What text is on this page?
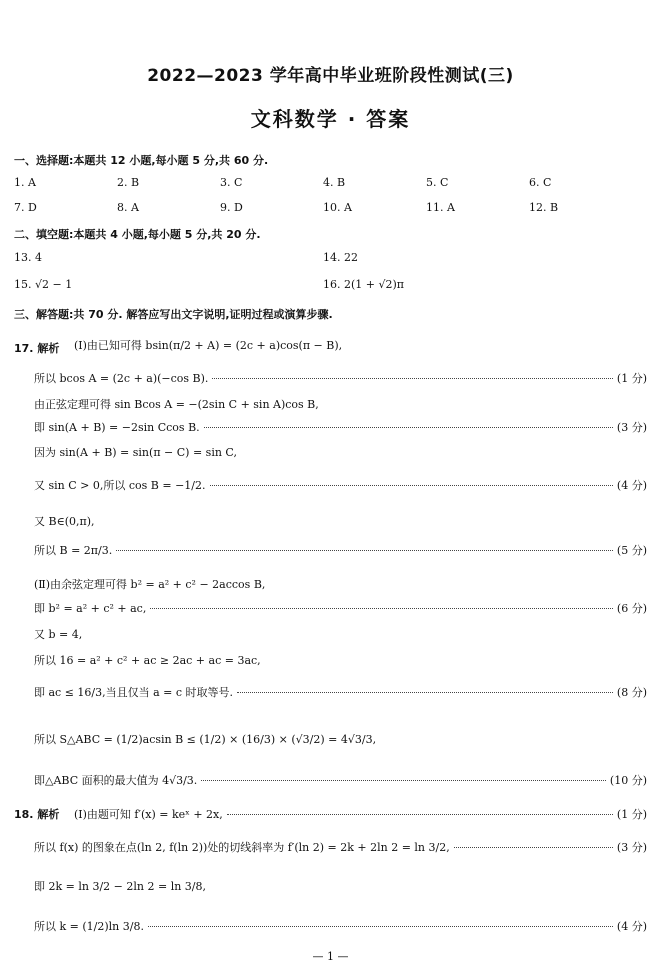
2022—2023 学年高中毕业班阶段性测试(三)
文科数学 · 答案
一、选择题:本题共 12 小题,每小题 5 分,共 60 分.
1. A	2. B	3. C	4. B	5. C	6. C
7. D	8. A	9. D	10. A	11. A	12. B
二、填空题:本题共 4 小题,每小题 5 分,共 20 分.
13. 4	14. 22
15. √2 − 1	16. 2(1 + √2)π
三、解答题:共 70 分. 解答应写出文字说明,证明过程或演算步骤.
17. 解析 (Ⅰ)由已知可得 bsin(π/2 + A) = (2c + a)cos(π − B),
所以 bcos A = (2c + a)(−cos B).	(1 分)
由正弦定理可得 sin Bcos A = −(2sin C + sin A)cos B,
即 sin(A + B) = −2sin Ccos B.	(3 分)
因为 sin(A + B) = sin(π − C) = sin C,
又 sin C > 0,所以 cos B = −1/2.	(4 分)
又 B∈(0,π),
所以 B = 2π/3.	(5 分)
(Ⅱ)由余弦定理可得 b² = a² + c² − 2accos B,
即 b² = a² + c² + ac,	(6 分)
又 b = 4,
所以 16 = a² + c² + ac ≥ 2ac + ac = 3ac,
即 ac ≤ 16/3,当且仅当 a = c 时取等号.	(8 分)
所以 S△ABC = (1/2)acsin B ≤ (1/2) × (16/3) × (√3/2) = 4√3/3,
即△ABC 面积的最大值为 4√3/3.	(10 分)
18. 解析 (Ⅰ)由题可知 f′(x) = keˣ + 2x,	(1 分)
所以 f(x) 的图象在点(ln 2, f(ln 2))处的切线斜率为 f′(ln 2) = 2k + 2ln 2 = ln 3/2,	(3 分)
即 2k = ln 3/2 − 2ln 2 = ln 3/8,
所以 k = (1/2)ln 3/8.	(4 分)
— 1 —
